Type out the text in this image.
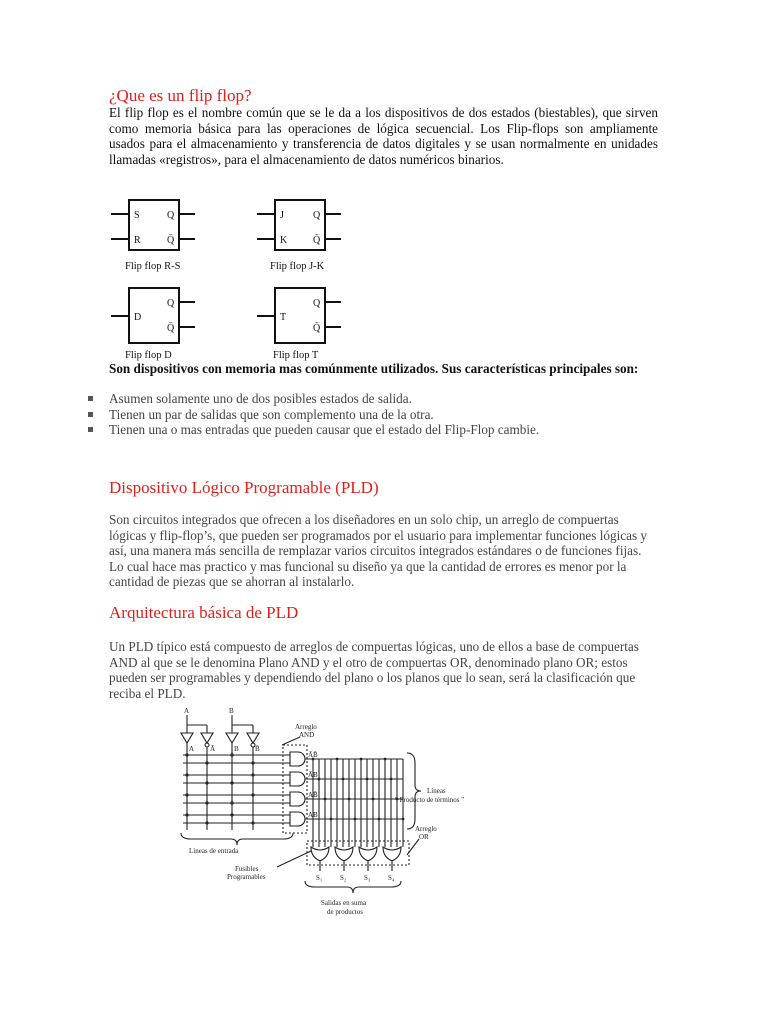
¿Que es un flip flop?

El flip flop es el nombre común que se le da a los dispositivos de dos estados (biestables), que sirven como memoria básica para las operaciones de lógica secuencial. Los Flip-flops son ampliamente usados para el almacenamiento y transferencia de datos digitales y se usan normalmente en unidades llamadas «registros», para el almacenamiento de datos numéricos binarios.

S
R
Q
Q̄
J
K
Q
Q̄
D
Q
Q̄
T
Q
Q̄
Flip flop R-S	Flip flop J-K
Flip flop D	Flip flop T

Son dispositivos con memoria mas comúnmente utilizados. Sus características principales son:

Asumen solamente uno de dos posibles estados de salida.
Tienen un par de salidas que son complemento una de la otra.
Tienen una o mas entradas que pueden causar que el estado del Flip-Flop cambie.
Dispositivo Lógico Programable (PLD)

Son circuitos integrados que ofrecen a los diseñadores en un solo chip, un arreglo de compuertas lógicas y flip-flop’s, que pueden ser programados por el usuario para implementar funciones lógicas y así, una manera más sencilla de remplazar varios circuitos integrados estándares o de funciones fijas. Lo cual hace mas practico y mas funcional su diseño ya que la cantidad de errores es menor por la cantidad de piezas que se ahorran al instalarlo.

Arquitectura básica de PLD

Un PLD típico está compuesto de arreglos de compuertas lógicas, uno de ellos a base de compuertas AND al que se le denomina Plano AND y el otro de compuertas OR, denominado plano OR; estos pueden ser programables y dependiendo del plano o los planos que lo sean, será la clasificación que reciba el PLD.

A	B
A Ā	B B̄
Arreglo
AND
ĀB̄
ĀB
AB̄
AB
Lineas
" Producto de términos "
Lineas de entrada
Fusibles
Programables
Arreglo
OR
S₁	S₂	S₃	S₄
Salidas en suma
de productos
